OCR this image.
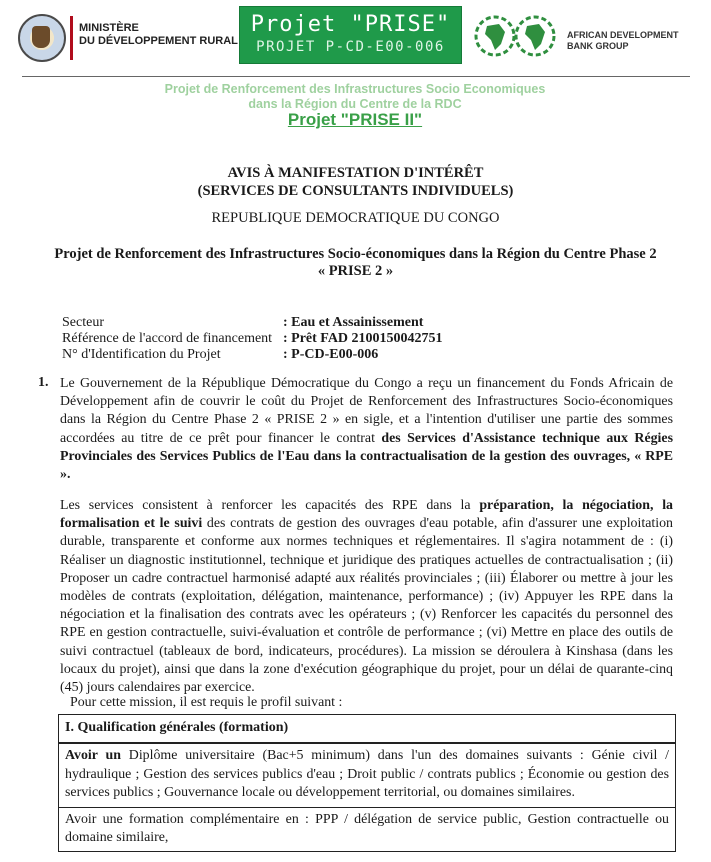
MINISTÈRE
DU DÉVELOPPEMENT RURAL
Projet "PRISE"
PROJET P-CD-E00-006
AFRICAN DEVELOPMENT
BANK GROUP
Projet de Renforcement des Infrastructures Socio Economiques
dans la Région du Centre de la RDC
Projet "PRISE II"
AVIS À MANIFESTATION D'INTÉRÊT
(SERVICES DE CONSULTANTS INDIVIDUELS)
REPUBLIQUE DEMOCRATIQUE DU CONGO
Projet de Renforcement des Infrastructures Socio-économiques dans la Région du Centre Phase 2
« PRISE 2 »
Secteur	: Eau et Assainissement
Référence de l'accord de financement : Prêt FAD 2100150042751
N° d'Identification du Projet	: P-CD-E00-006
1. Le Gouvernement de la République Démocratique du Congo a reçu un financement du Fonds Africain de Développement afin de couvrir le coût du Projet de Renforcement des Infrastructures Socio-économiques dans la Région du Centre Phase 2 « PRISE 2 » en sigle, et a l'intention d'utiliser une partie des sommes accordées au titre de ce prêt pour financer le contrat des Services d'Assistance technique aux Régies Provinciales des Services Publics de l'Eau dans la contractualisation de la gestion des ouvrages, « RPE ».
Les services consistent à renforcer les capacités des RPE dans la préparation, la négociation, la formalisation et le suivi des contrats de gestion des ouvrages d'eau potable, afin d'assurer une exploitation durable, transparente et conforme aux normes techniques et réglementaires. Il s'agira notamment de : (i) Réaliser un diagnostic institutionnel, technique et juridique des pratiques actuelles de contractualisation ; (ii) Proposer un cadre contractuel harmonisé adapté aux réalités provinciales ; (iii) Élaborer ou mettre à jour les modèles de contrats (exploitation, délégation, maintenance, performance) ; (iv) Appuyer les RPE dans la négociation et la finalisation des contrats avec les opérateurs ; (v) Renforcer les capacités du personnel des RPE en gestion contractuelle, suivi-évaluation et contrôle de performance ; (vi) Mettre en place des outils de suivi contractuel (tableaux de bord, indicateurs, procédures). La mission se déroulera à Kinshasa (dans les locaux du projet), ainsi que dans la zone d'exécution géographique du projet, pour un délai de quarante-cinq (45) jours calendaires par exercice.
Pour cette mission, il est requis le profil suivant :
I. Qualification générales (formation)
Avoir un Diplôme universitaire (Bac+5 minimum) dans l'un des domaines suivants : Génie civil / hydraulique ; Gestion des services publics d'eau ; Droit public / contrats publics ; Économie ou gestion des services publics ; Gouvernance locale ou développement territorial, ou domaines similaires.
Avoir une formation complémentaire en : PPP / délégation de service public, Gestion contractuelle ou domaine similaire,
